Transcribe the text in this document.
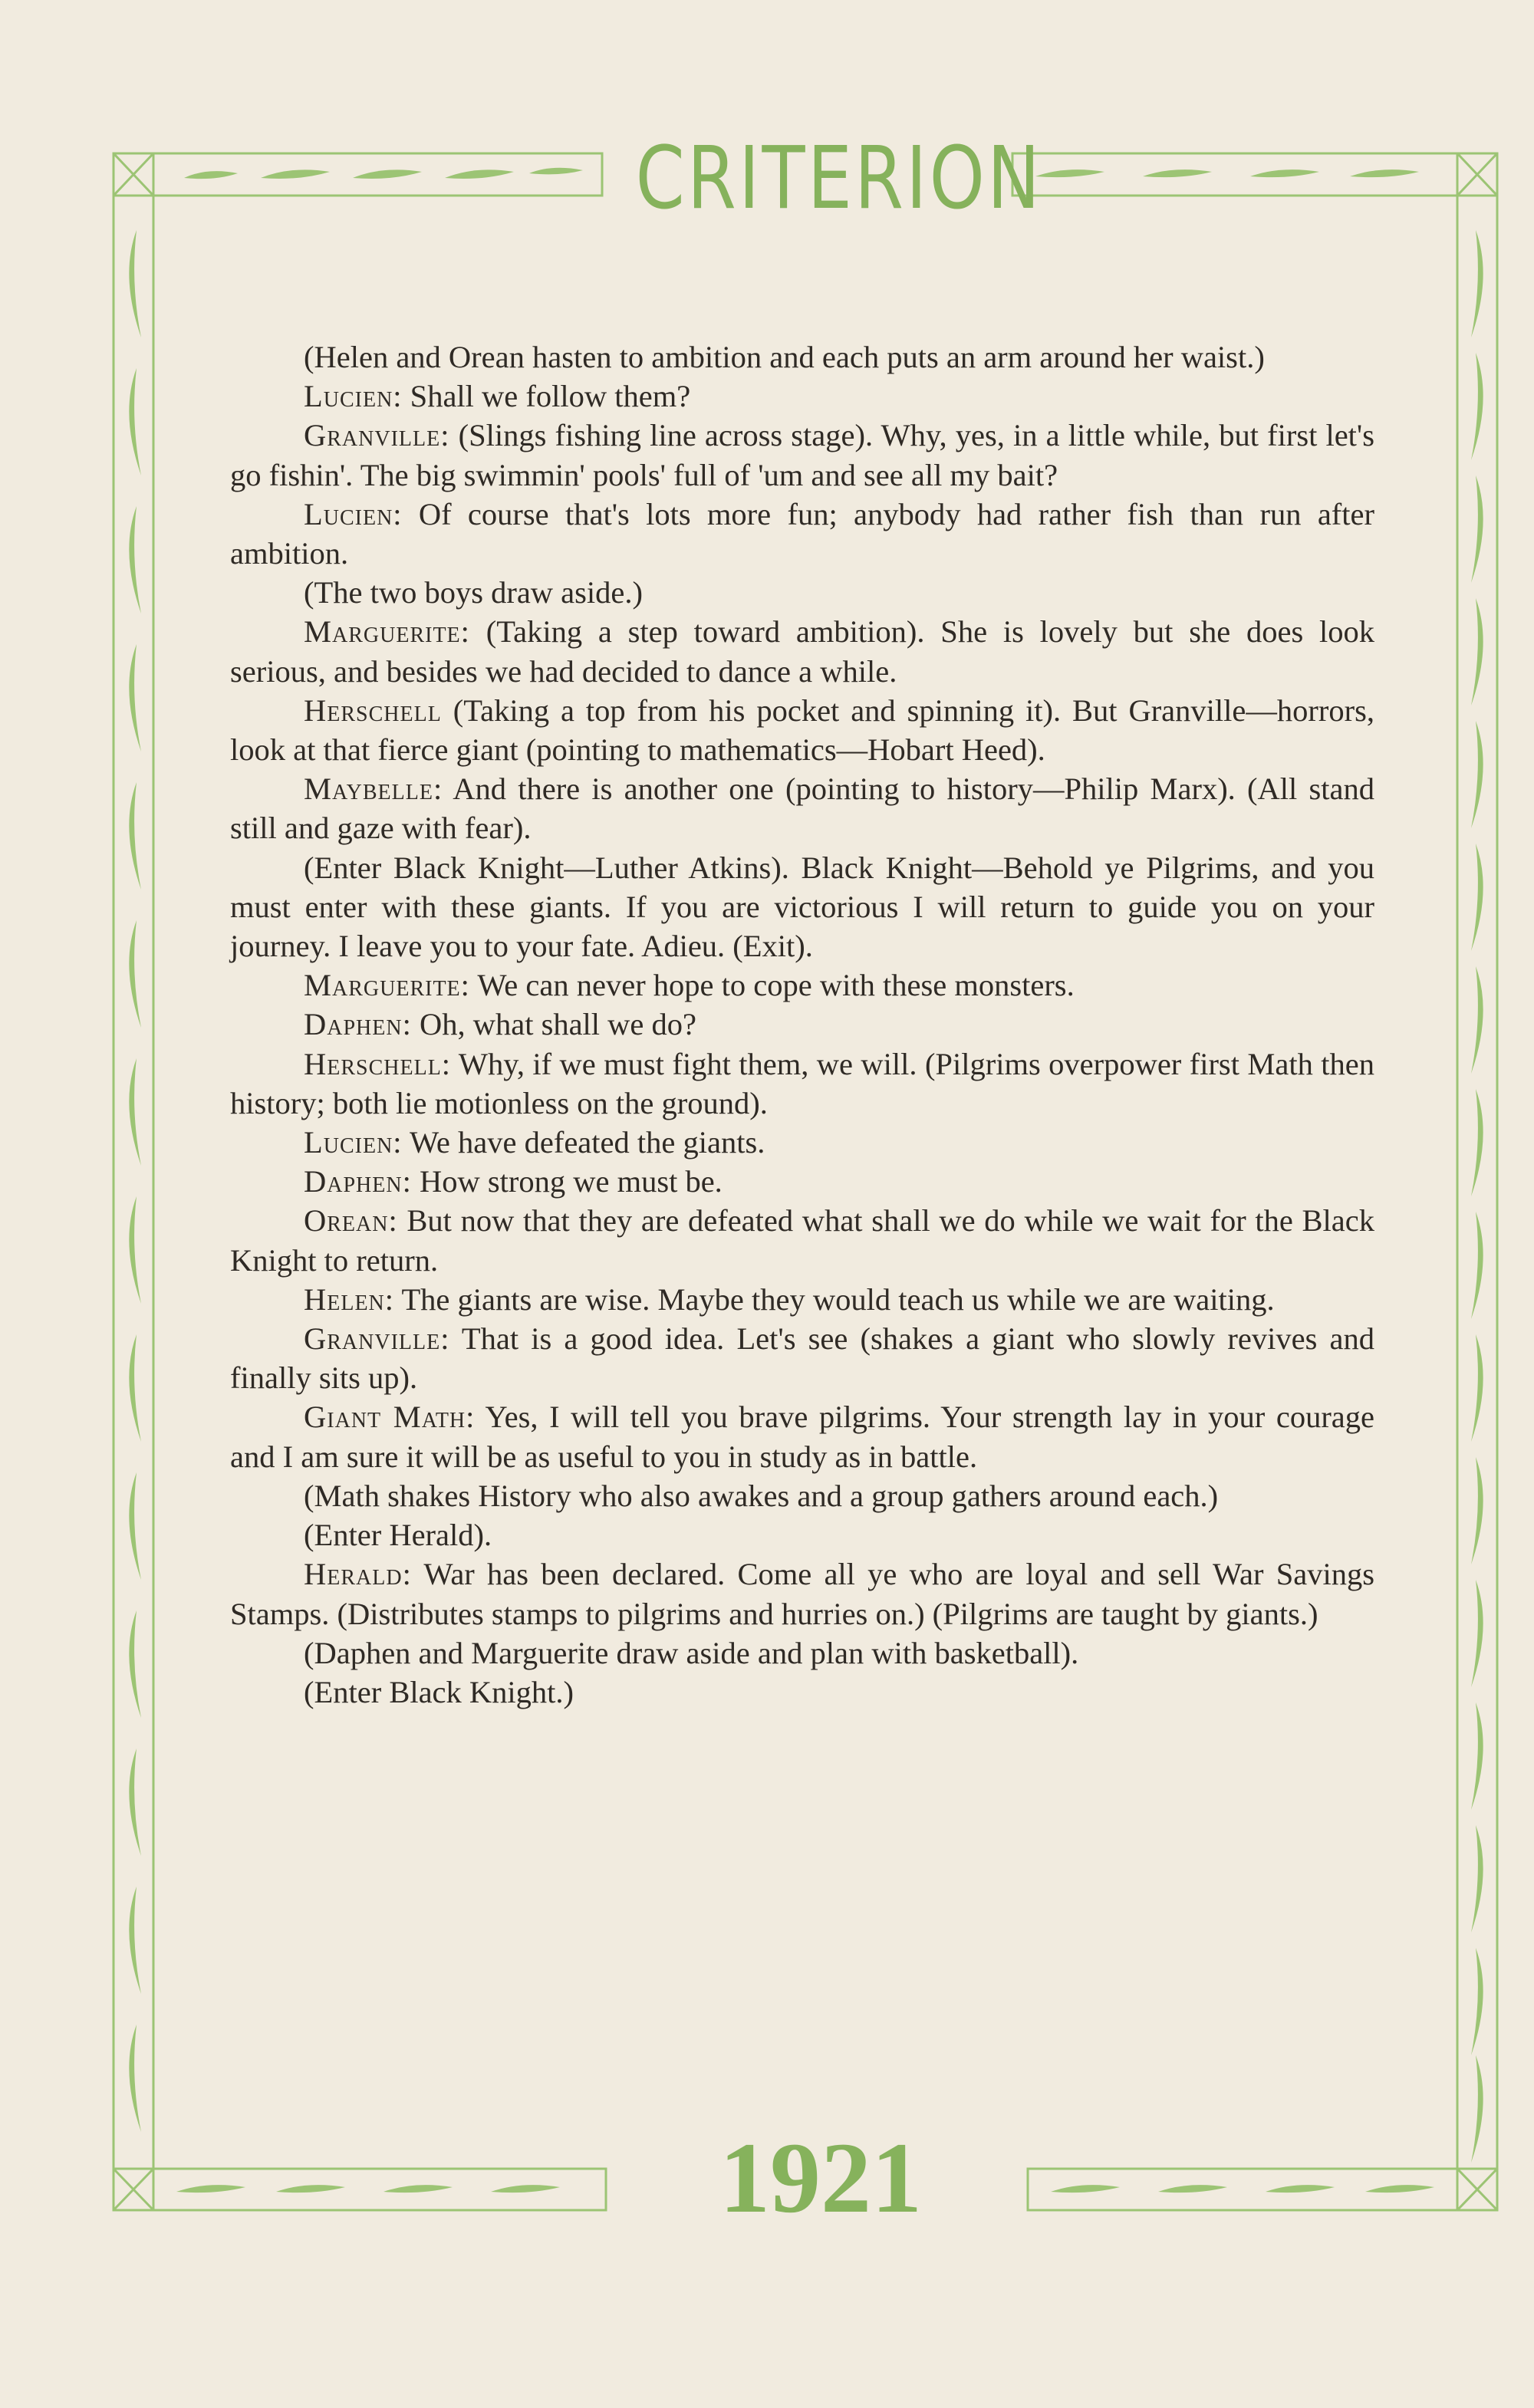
CRITERION

(Helen and Orean hasten to ambition and each puts an arm around her waist.)

Lucien: Shall we follow them?

Granville: (Slings fishing line across stage). Why, yes, in a little while, but first let's go fishin'. The big swimmin' pools' full of 'um and see all my bait?

Lucien: Of course that's lots more fun; anybody had rather fish than run after ambition.

(The two boys draw aside.)

Marguerite: (Taking a step toward ambition). She is lovely but she does look serious, and besides we had decided to dance a while.

Herschell (Taking a top from his pocket and spinning it). But Granville—horrors, look at that fierce giant (pointing to mathematics—Hobart Heed).

Maybelle: And there is another one (pointing to history—Philip Marx). (All stand still and gaze with fear).

(Enter Black Knight—Luther Atkins). Black Knight—Behold ye Pilgrims, and you must enter with these giants. If you are victorious I will return to guide you on your journey. I leave you to your fate. Adieu. (Exit).

Marguerite: We can never hope to cope with these monsters.

Daphen: Oh, what shall we do?

Herschell: Why, if we must fight them, we will. (Pilgrims overpower first Math then history; both lie motionless on the ground).

Lucien: We have defeated the giants.

Daphen: How strong we must be.

Orean: But now that they are defeated what shall we do while we wait for the Black Knight to return.

Helen: The giants are wise. Maybe they would teach us while we are waiting.

Granville: That is a good idea. Let's see (shakes a giant who slowly revives and finally sits up).

Giant Math: Yes, I will tell you brave pilgrims. Your strength lay in your courage and I am sure it will be as useful to you in study as in battle.

(Math shakes History who also awakes and a group gathers around each.)

(Enter Herald).

Herald: War has been declared. Come all ye who are loyal and sell War Savings Stamps. (Distributes stamps to pilgrims and hurries on.) (Pilgrims are taught by giants.)

(Daphen and Marguerite draw aside and plan with basketball).

(Enter Black Knight.)

1921
